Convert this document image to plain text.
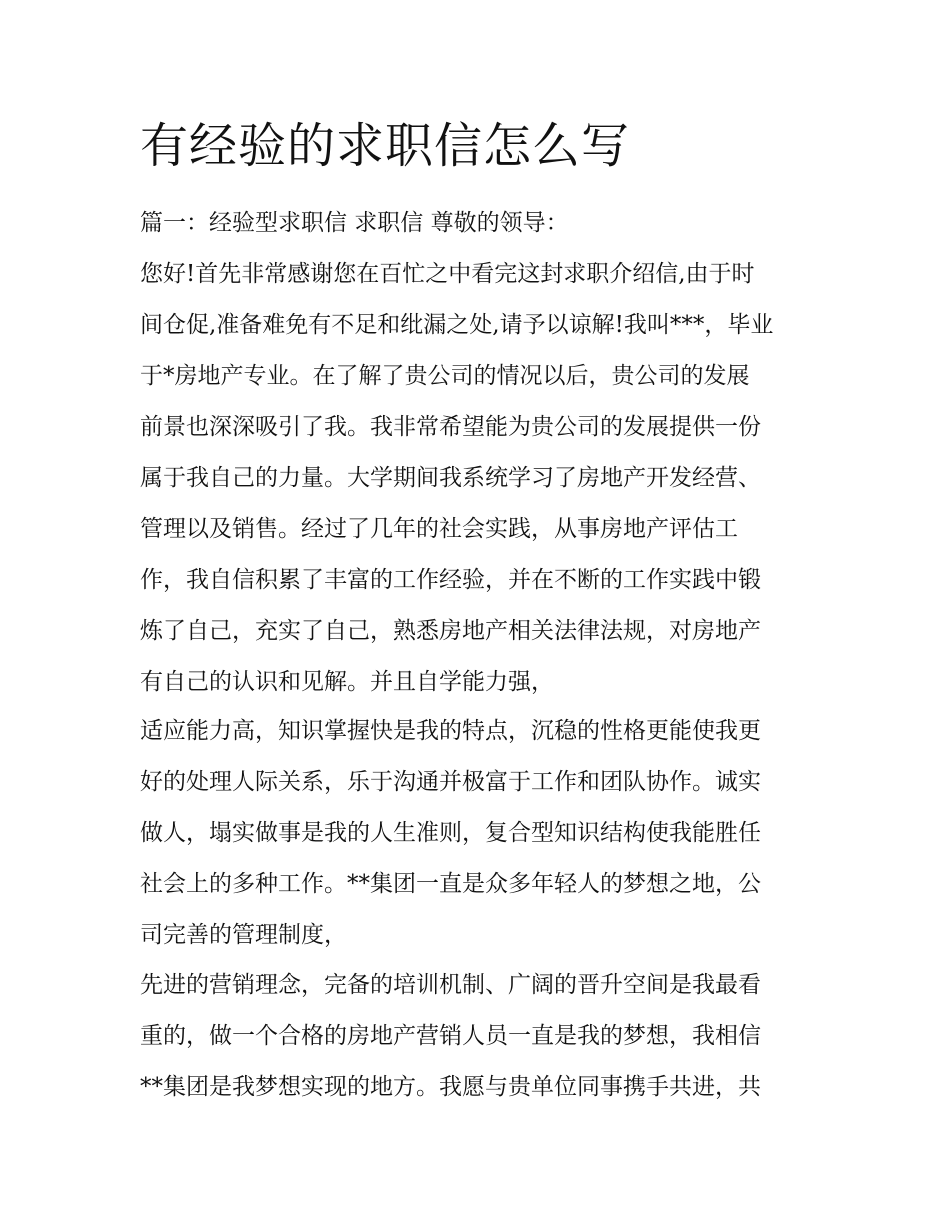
有经验的求职信怎么写

篇一：经验型求职信 求职信 尊敬的领导：

您好!首先非常感谢您在百忙之中看完这封求职介绍信,由于时

间仓促,准备难免有不足和纰漏之处,请予以谅解!我叫***，毕业

于*房地产专业。在了解了贵公司的情况以后，贵公司的发展

前景也深深吸引了我。我非常希望能为贵公司的发展提供一份

属于我自己的力量。大学期间我系统学习了房地产开发经营、

管理以及销售。经过了几年的社会实践，从事房地产评估工

作，我自信积累了丰富的工作经验，并在不断的工作实践中锻

炼了自己，充实了自己，熟悉房地产相关法律法规，对房地产

有自己的认识和见解。并且自学能力强，

适应能力高，知识掌握快是我的特点，沉稳的性格更能使我更

好的处理人际关系，乐于沟通并极富于工作和团队协作。诚实

做人，塌实做事是我的人生准则，复合型知识结构使我能胜任

社会上的多种工作。**集团一直是众多年轻人的梦想之地，公

司完善的管理制度，

先进的营销理念，完备的培训机制、广阔的晋升空间是我最看

重的，做一个合格的房地产营销人员一直是我的梦想，我相信

**集团是我梦想实现的地方。我愿与贵单位同事携手共进，共
